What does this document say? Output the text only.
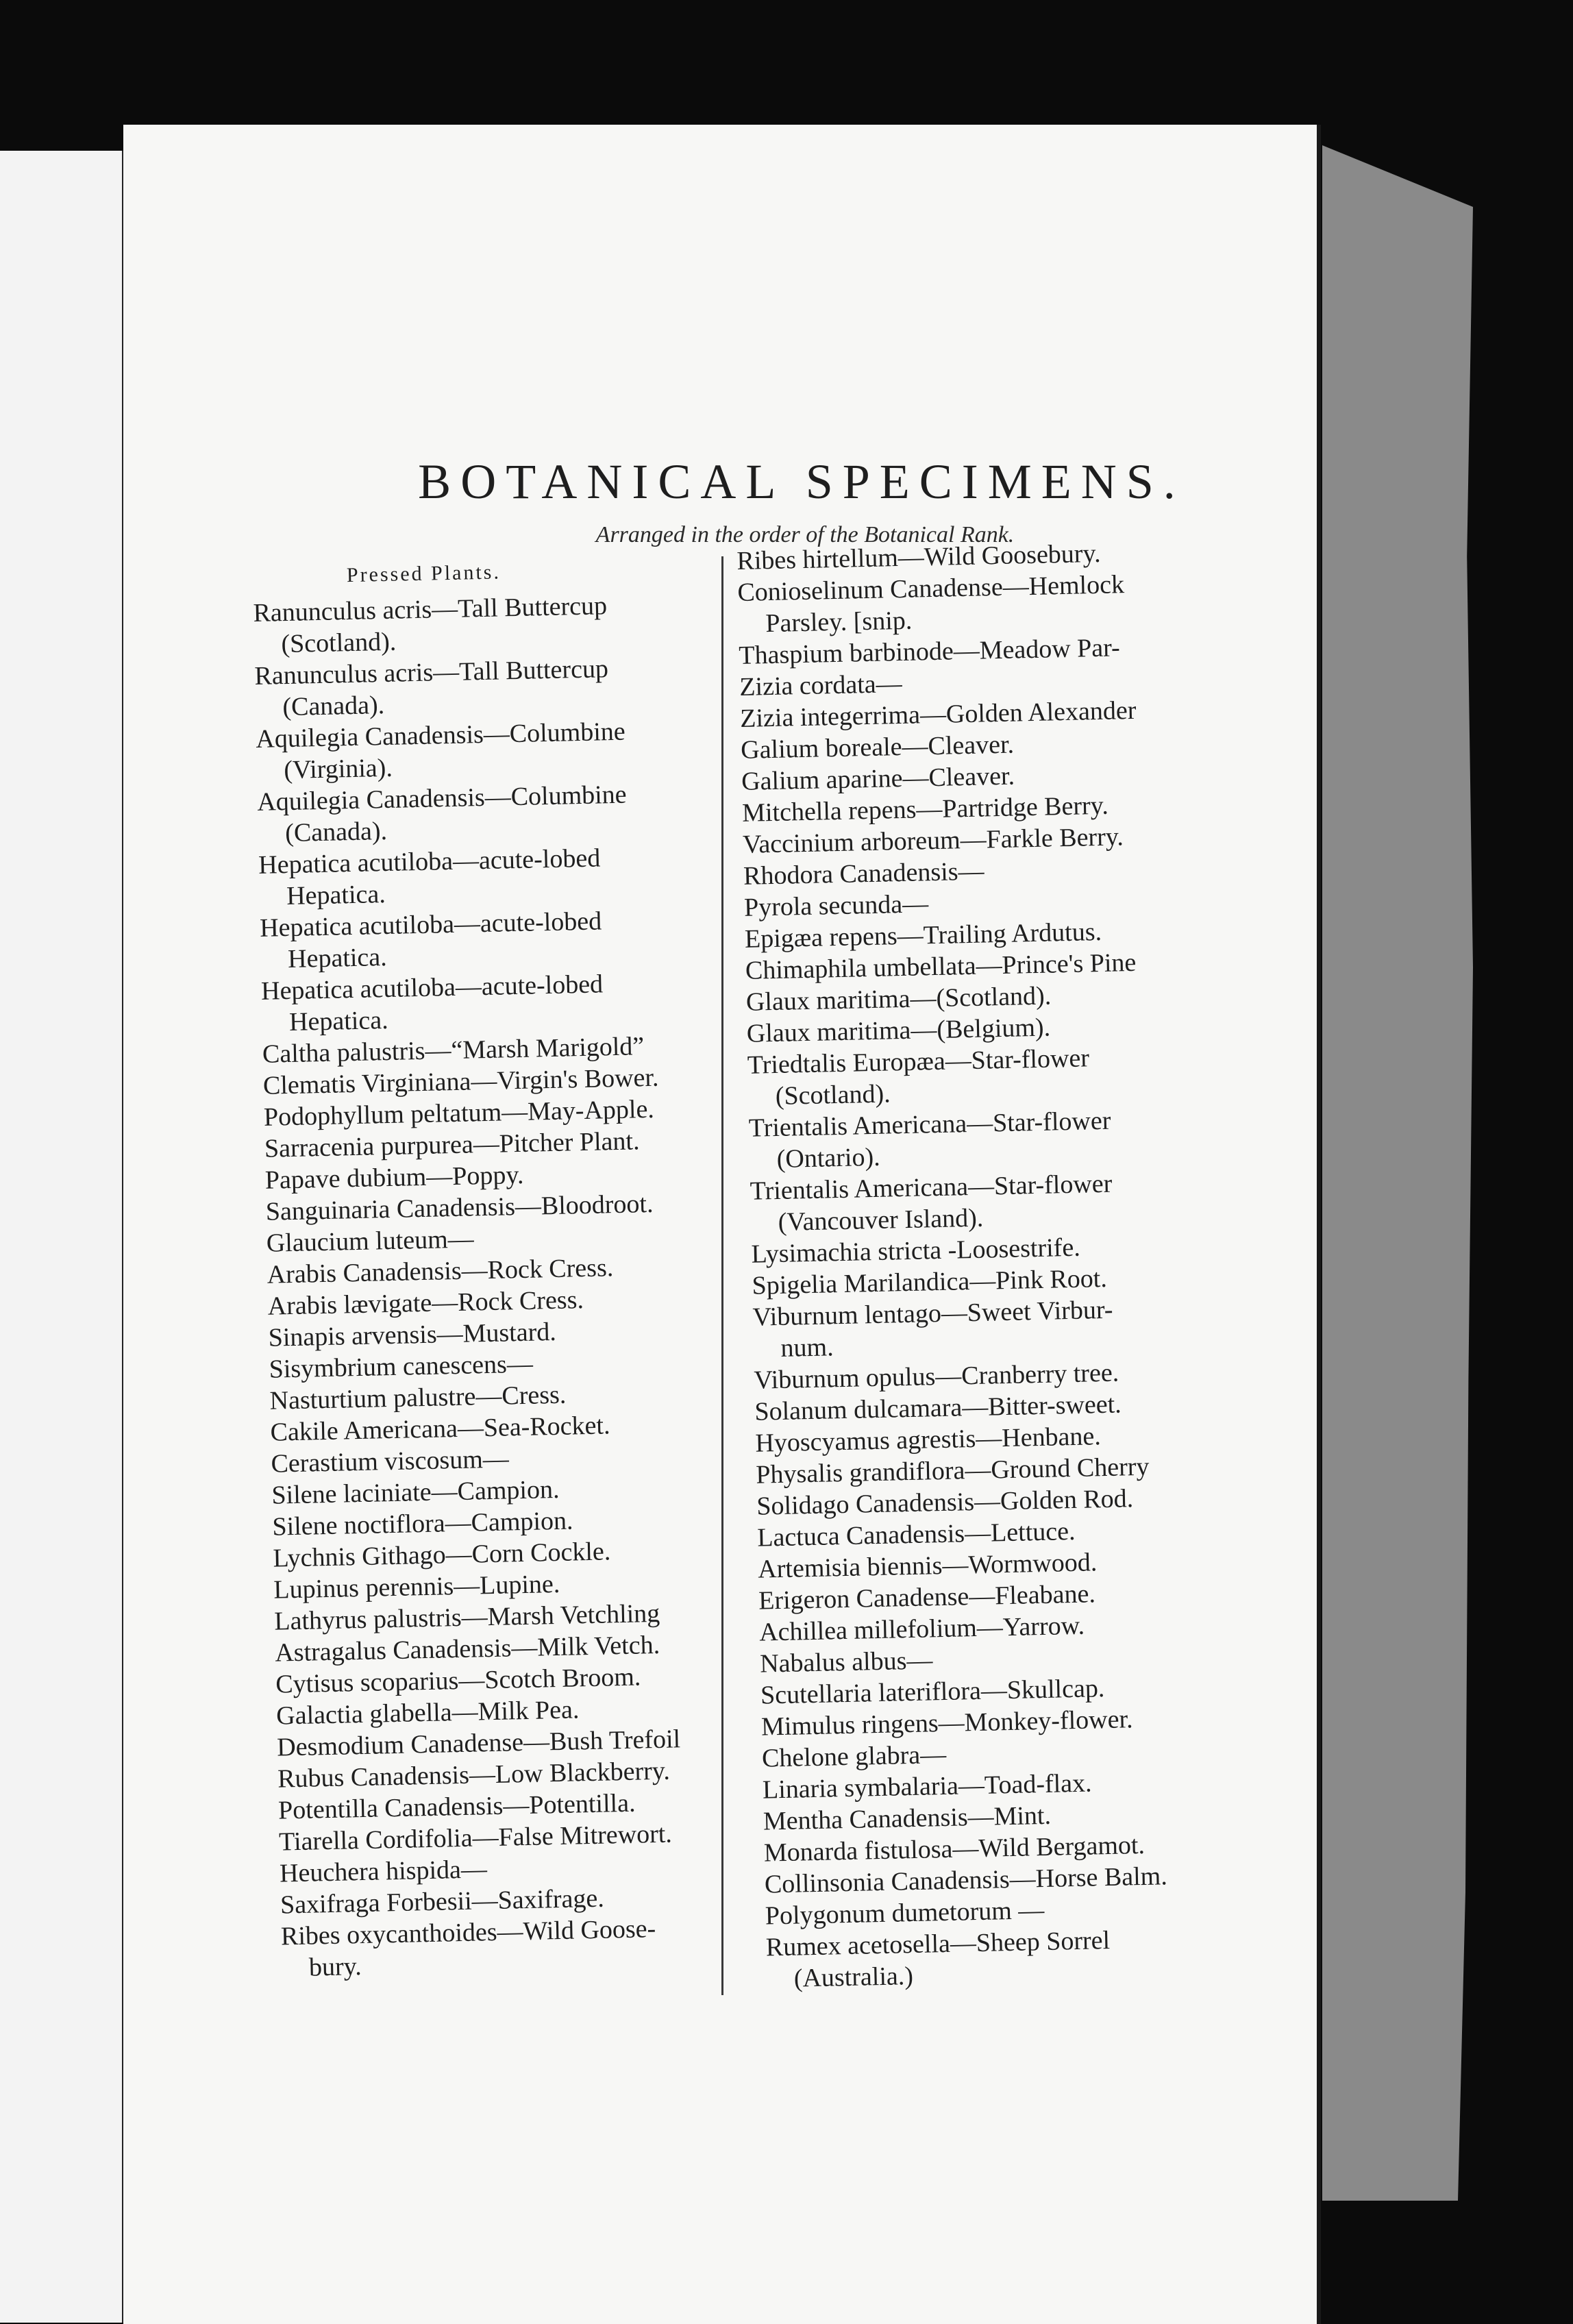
BOTANICAL SPECIMENS.
Arranged in the order of the Botanical Rank.
Pressed Plants.
Ranunculus acris—Tall Buttercup
(Scotland).
Ranunculus acris—Tall Buttercup
(Canada).
Aquilegia Canadensis—Columbine
(Virginia).
Aquilegia Canadensis—Columbine
(Canada).
Hepatica acutiloba—acute-lobed
Hepatica.
Hepatica acutiloba—acute-lobed
Hepatica.
Hepatica acutiloba—acute-lobed
Hepatica.
Caltha palustris—“Marsh Marigold”
Clematis Virginiana—Virgin's Bower.
Podophyllum peltatum—May-Apple.
Sarracenia purpurea—Pitcher Plant.
Papave dubium—Poppy.
Sanguinaria Canadensis—Bloodroot.
Glaucium luteum—
Arabis Canadensis—Rock Cress.
Arabis lævigate—Rock Cress.
Sinapis arvensis—Mustard.
Sisymbrium canescens—
Nasturtium palustre—Cress.
Cakile Americana—Sea-Rocket.
Cerastium viscosum—
Silene laciniate—Campion.
Silene noctiflora—Campion.
Lychnis Githago—Corn Cockle.
Lupinus perennis—Lupine.
Lathyrus palustris—Marsh Vetchling
Astragalus Canadensis—Milk Vetch.
Cytisus scoparius—Scotch Broom.
Galactia glabella—Milk Pea.
Desmodium Canadense—Bush Trefoil
Rubus Canadensis—Low Blackberry.
Potentilla Canadensis—Potentilla.
Tiarella Cordifolia—False Mitrewort.
Heuchera hispida—
Saxifraga Forbesii—Saxifrage.
Ribes oxycanthoides—Wild Goose-
bury.
Ribes hirtellum—Wild Goosebury.
Conioselinum Canadense—Hemlock
Parsley. [snip.
Thaspium barbinode—Meadow Par-
Zizia cordata—
Zizia integerrima—Golden Alexander
Galium boreale—Cleaver.
Galium aparine—Cleaver.
Mitchella repens—Partridge Berry.
Vaccinium arboreum—Farkle Berry.
Rhodora Canadensis—
Pyrola secunda—
Epigæa repens—Trailing Ardutus.
Chimaphila umbellata—Prince's Pine
Glaux maritima—(Scotland).
Glaux maritima—(Belgium).
Triedtalis Europæa—Star-flower
(Scotland).
Trientalis Americana—Star-flower
(Ontario).
Trientalis Americana—Star-flower
(Vancouver Island).
Lysimachia stricta -Loosestrife.
Spigelia Marilandica—Pink Root.
Viburnum lentago—Sweet Virbur-
num.
Viburnum opulus—Cranberry tree.
Solanum dulcamara—Bitter-sweet.
Hyoscyamus agrestis—Henbane.
Physalis grandiflora—Ground Cherry
Solidago Canadensis—Golden Rod.
Lactuca Canadensis—Lettuce.
Artemisia biennis—Wormwood.
Erigeron Canadense—Fleabane.
Achillea millefolium—Yarrow.
Nabalus albus—
Scutellaria lateriflora—Skullcap.
Mimulus ringens—Monkey-flower.
Chelone glabra—
Linaria symbalaria—Toad-flax.
Mentha Canadensis—Mint.
Monarda fistulosa—Wild Bergamot.
Collinsonia Canadensis—Horse Balm.
Polygonum dumetorum —
Rumex acetosella—Sheep Sorrel
(Australia.)
